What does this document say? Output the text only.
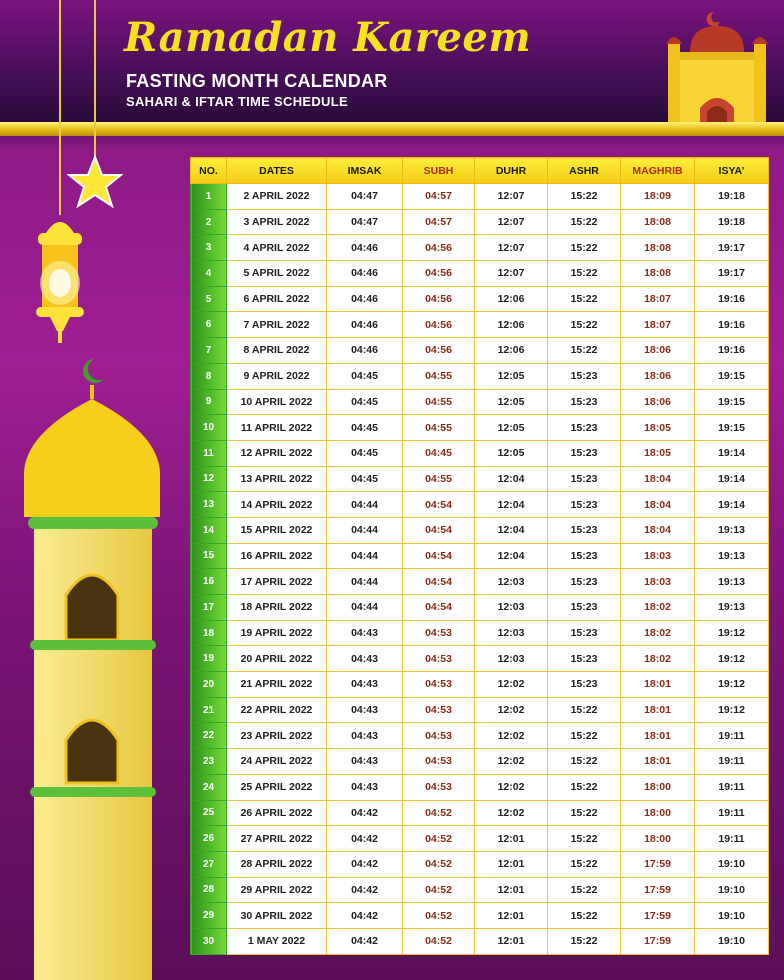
Ramadan Kareem
FASTING MONTH CALENDAR
SAHARI & IFTAR TIME SCHEDULE
NO.	DATES	IMSAK	SUBH	DUHR	ASHR	MAGHRIB	ISYA’
1	2 APRIL 2022	04:47	04:57	12:07	15:22	18:09	19:18
2	3 APRIL 2022	04:47	04:57	12:07	15:22	18:08	19:18
3	4 APRIL 2022	04:46	04:56	12:07	15:22	18:08	19:17
4	5 APRIL 2022	04:46	04:56	12:07	15:22	18:08	19:17
5	6 APRIL 2022	04:46	04:56	12:06	15:22	18:07	19:16
6	7 APRIL 2022	04:46	04:56	12:06	15:22	18:07	19:16
7	8 APRIL 2022	04:46	04:56	12:06	15:22	18:06	19:16
8	9 APRIL 2022	04:45	04:55	12:05	15:23	18:06	19:15
9	10 APRIL 2022	04:45	04:55	12:05	15:23	18:06	19:15
10	11 APRIL 2022	04:45	04:55	12:05	15:23	18:05	19:15
11	12 APRIL 2022	04:45	04:45	12:05	15:23	18:05	19:14
12	13 APRIL 2022	04:45	04:55	12:04	15:23	18:04	19:14
13	14 APRIL 2022	04:44	04:54	12:04	15:23	18:04	19:14
14	15 APRIL 2022	04:44	04:54	12:04	15:23	18:04	19:13
15	16 APRIL 2022	04:44	04:54	12:04	15:23	18:03	19:13
16	17 APRIL 2022	04:44	04:54	12:03	15:23	18:03	19:13
17	18 APRIL 2022	04:44	04:54	12:03	15:23	18:02	19:13
18	19 APRIL 2022	04:43	04:53	12:03	15:23	18:02	19:12
19	20 APRIL 2022	04:43	04:53	12:03	15:23	18:02	19:12
20	21 APRIL 2022	04:43	04:53	12:02	15:23	18:01	19:12
21	22 APRIL 2022	04:43	04:53	12:02	15:22	18:01	19:12
22	23 APRIL 2022	04:43	04:53	12:02	15:22	18:01	19:11
23	24 APRIL 2022	04:43	04:53	12:02	15:22	18:01	19:11
24	25 APRIL 2022	04:43	04:53	12:02	15:22	18:00	19:11
25	26 APRIL 2022	04:42	04:52	12:02	15:22	18:00	19:11
26	27 APRIL 2022	04:42	04:52	12:01	15:22	18:00	19:11
27	28 APRIL 2022	04:42	04:52	12:01	15:22	17:59	19:10
28	29 APRIL 2022	04:42	04:52	12:01	15:22	17:59	19:10
29	30 APRIL 2022	04:42	04:52	12:01	15:22	17:59	19:10
30	1 MAY 2022	04:42	04:52	12:01	15:22	17:59	19:10
